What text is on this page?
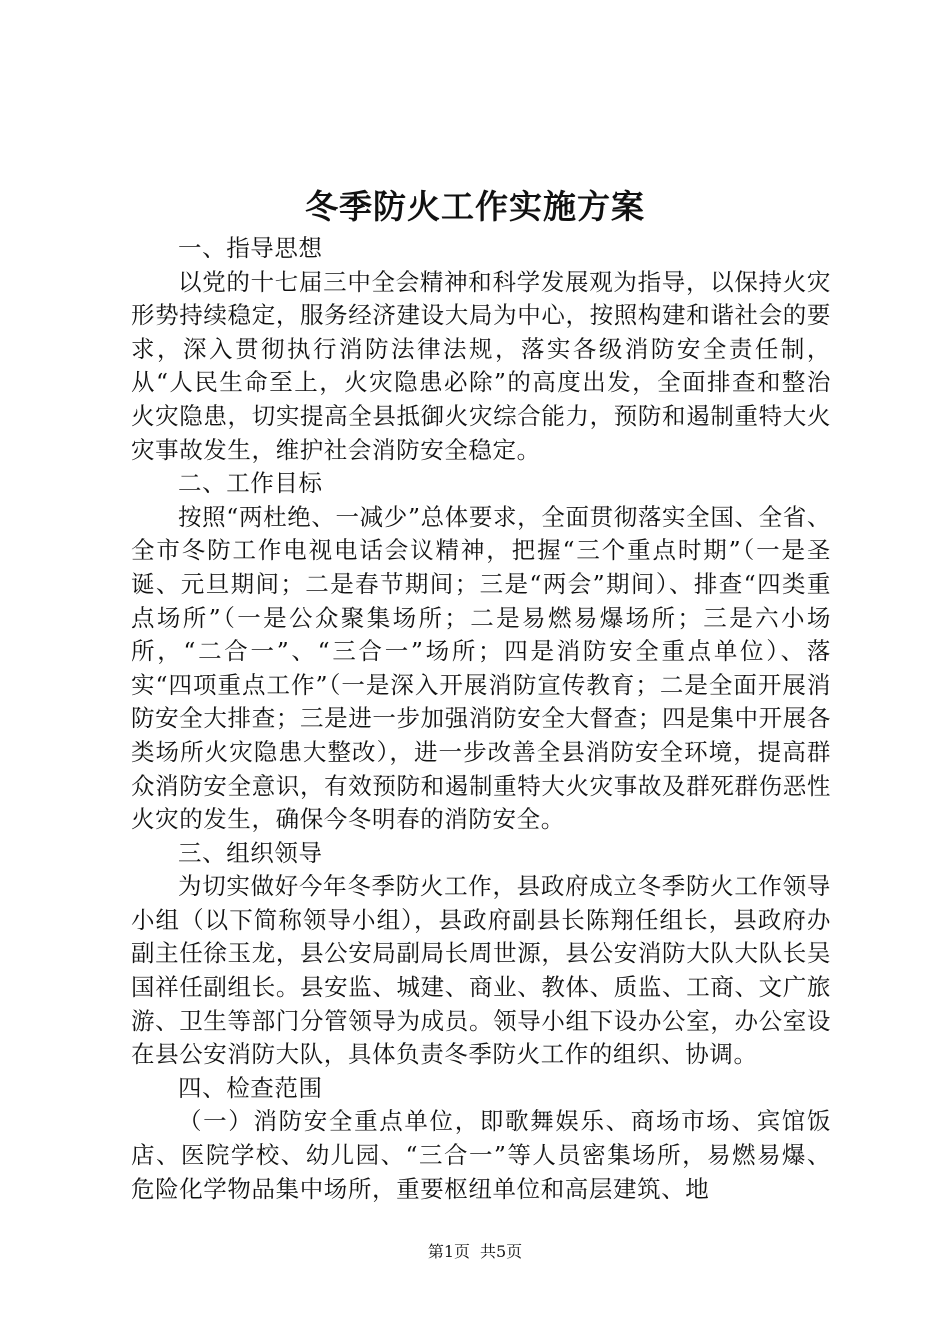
冬季防火工作实施方案

一、指导思想

以党的十七届三中全会精神和科学发展观为指导，以保持火灾形势持续稳定，服务经济建设大局为中心，按照构建和谐社会的要求，深入贯彻执行消防法律法规，落实各级消防安全责任制，从“人民生命至上，火灾隐患必除”的高度出发，全面排查和整治火灾隐患，切实提高全县抵御火灾综合能力，预防和遏制重特大火灾事故发生，维护社会消防安全稳定。

二、工作目标

按照“两杜绝、一减少”总体要求，全面贯彻落实全国、全省、全市冬防工作电视电话会议精神，把握“三个重点时期”（一是圣诞、元旦期间；二是春节期间；三是“两会”期间）、排查“四类重点场所”（一是公众聚集场所；二是易燃易爆场所；三是六小场所，“二合一”、“三合一”场所；四是消防安全重点单位）、落实“四项重点工作”（一是深入开展消防宣传教育；二是全面开展消防安全大排查；三是进一步加强消防安全大督查；四是集中开展各类场所火灾隐患大整改），进一步改善全县消防安全环境，提高群众消防安全意识，有效预防和遏制重特大火灾事故及群死群伤恶性火灾的发生，确保今冬明春的消防安全。

三、组织领导

为切实做好今年冬季防火工作，县政府成立冬季防火工作领导小组（以下简称领导小组），县政府副县长陈翔任组长，县政府办副主任徐玉龙，县公安局副局长周世源，县公安消防大队大队长吴国祥任副组长。县安监、城建、商业、教体、质监、工商、文广旅游、卫生等部门分管领导为成员。领导小组下设办公室，办公室设在县公安消防大队，具体负责冬季防火工作的组织、协调。

四、检查范围

（一）消防安全重点单位，即歌舞娱乐、商场市场、宾馆饭店、医院学校、幼儿园、“三合一”等人员密集场所，易燃易爆、危险化学物品集中场所，重要枢纽单位和高层建筑、地

第1页 共5页
